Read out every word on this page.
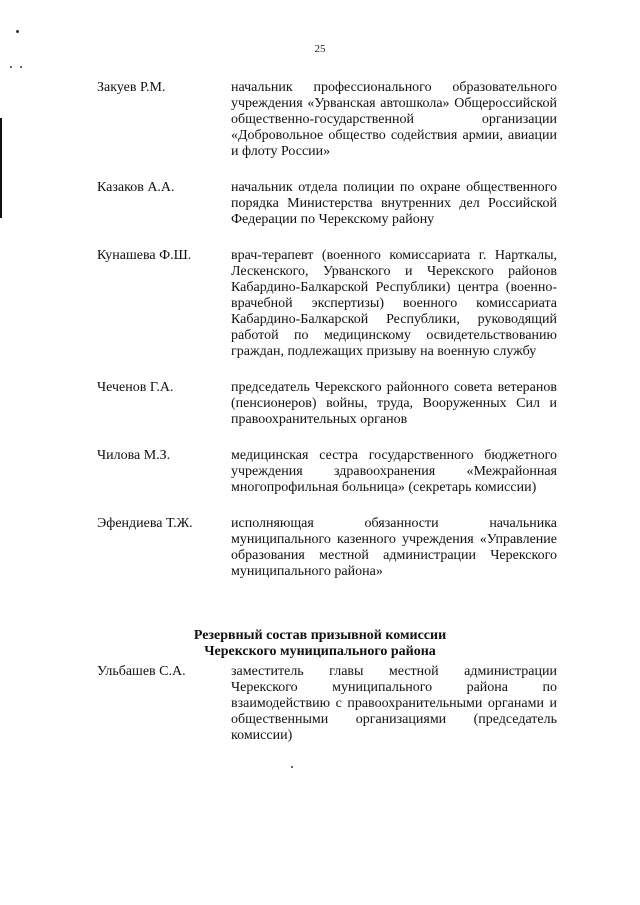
25
Закуев Р.М.	начальник профессионального образовательного учреждения «Урванская автошкола» Общероссийской общественно-государственной организации «Добровольное общество содействия армии, авиации и флоту России»
Казаков А.А.	начальник отдела полиции по охране общественного порядка Министерства внутренних дел Российской Федерации по Черекскому району
Кунашева Ф.Ш.	врач-терапевт (военного комиссариата г. Нарткалы, Лескенского, Урванского и Черекского районов Кабардино-Балкарской Республики) центра (военно-врачебной экспертизы) военного комиссариата Кабардино-Балкарской Республики, руководящий работой по медицинскому освидетельствованию граждан, подлежащих призыву на военную службу
Чеченов Г.А.	председатель Черекского районного совета ветеранов (пенсионеров) войны, труда, Вооруженных Сил и правоохранительных органов
Чилова М.З.	медицинская сестра государственного бюджетного учреждения здравоохранения «Межрайонная многопрофильная больница» (секретарь комиссии)
Эфендиева Т.Ж.	исполняющая обязанности начальника муниципального казенного учреждения «Управление образования местной администрации Черекского муниципального района»
Резервный состав призывной комиссии
Черекского муниципального района
Ульбашев С.А.	заместитель главы местной администрации Черекского муниципального района по взаимодействию с правоохранительными органами и общественными организациями (председатель комиссии)
